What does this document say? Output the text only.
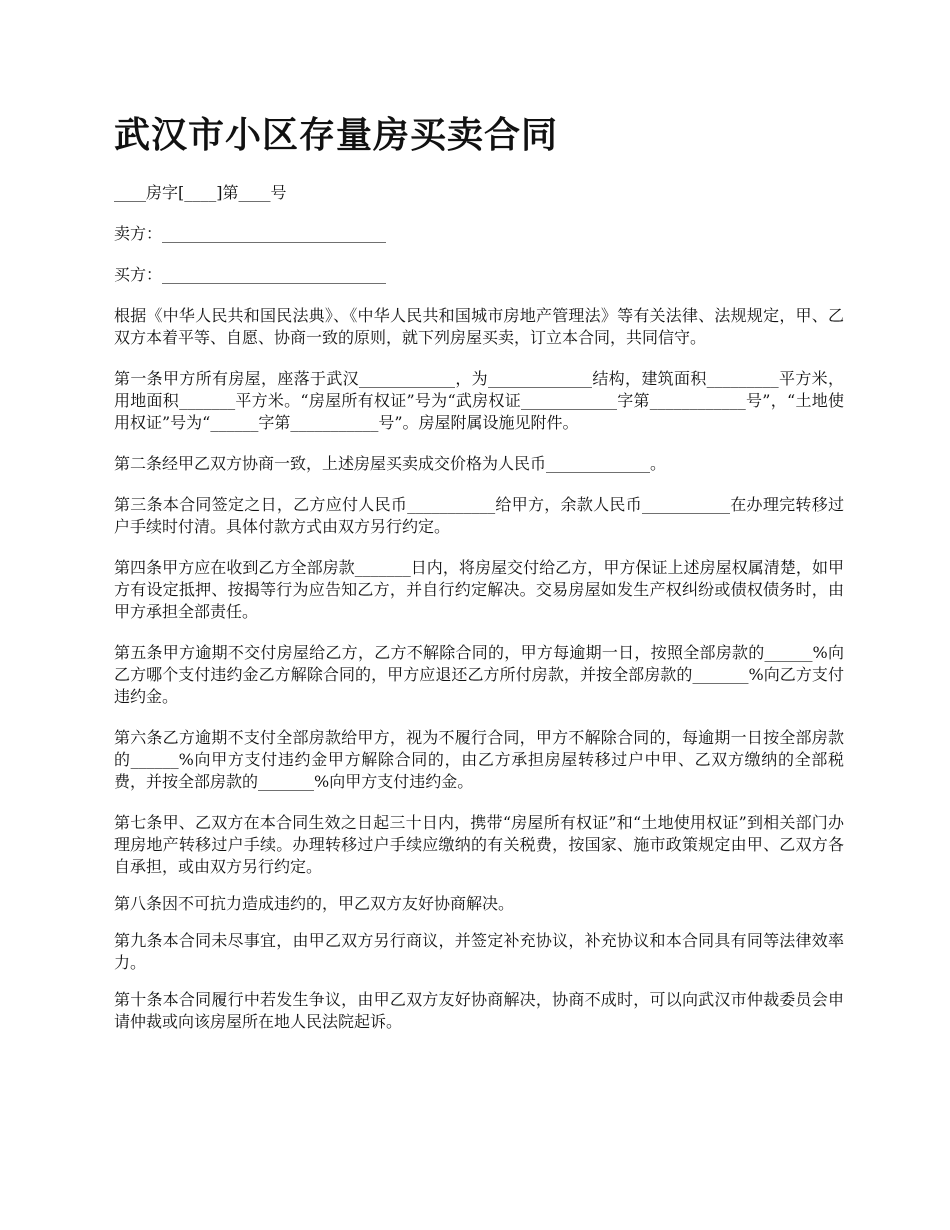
武汉市小区存量房买卖合同
____房字[____]第____号
卖方：____________________________
买方：____________________________

根据《中华人民共和国民法典》、《中华人民共和国城市房地产管理法》等有关法律、法规规定，甲、乙双方本着平等、自愿、协商一致的原则，就下列房屋买卖，订立本合同，共同信守。

第一条甲方所有房屋，座落于武汉____________，为_____________结构，建筑面积_________平方米，用地面积_______平方米。“房屋所有权证”号为“武房权证____________字第____________号”，“土地使用权证”号为“______字第___________号”。房屋附属设施见附件。

第二条经甲乙双方协商一致，上述房屋买卖成交价格为人民币_____________。

第三条本合同签定之日，乙方应付人民币___________给甲方，余款人民币___________在办理完转移过户手续时付清。具体付款方式由双方另行约定。

第四条甲方应在收到乙方全部房款_______日内，将房屋交付给乙方，甲方保证上述房屋权属清楚，如甲方有设定抵押、按揭等行为应告知乙方，并自行约定解决。交易房屋如发生产权纠纷或债权债务时，由甲方承担全部责任。

第五条甲方逾期不交付房屋给乙方，乙方不解除合同的，甲方每逾期一日，按照全部房款的______%向乙方哪个支付违约金乙方解除合同的，甲方应退还乙方所付房款，并按全部房款的_______%向乙方支付违约金。

第六条乙方逾期不支付全部房款给甲方，视为不履行合同，甲方不解除合同的，每逾期一日按全部房款的______%向甲方支付违约金甲方解除合同的，由乙方承担房屋转移过户中甲、乙双方缴纳的全部税费，并按全部房款的_______%向甲方支付违约金。

第七条甲、乙双方在本合同生效之日起三十日内，携带“房屋所有权证”和“土地使用权证”到相关部门办理房地产转移过户手续。办理转移过户手续应缴纳的有关税费，按国家、施市政策规定由甲、乙双方各自承担，或由双方另行约定。

第八条因不可抗力造成违约的，甲乙双方友好协商解决。

第九条本合同未尽事宜，由甲乙双方另行商议，并签定补充协议，补充协议和本合同具有同等法律效率力。

第十条本合同履行中若发生争议，由甲乙双方友好协商解决，协商不成时，可以向武汉市仲裁委员会申请仲裁或向该房屋所在地人民法院起诉。
